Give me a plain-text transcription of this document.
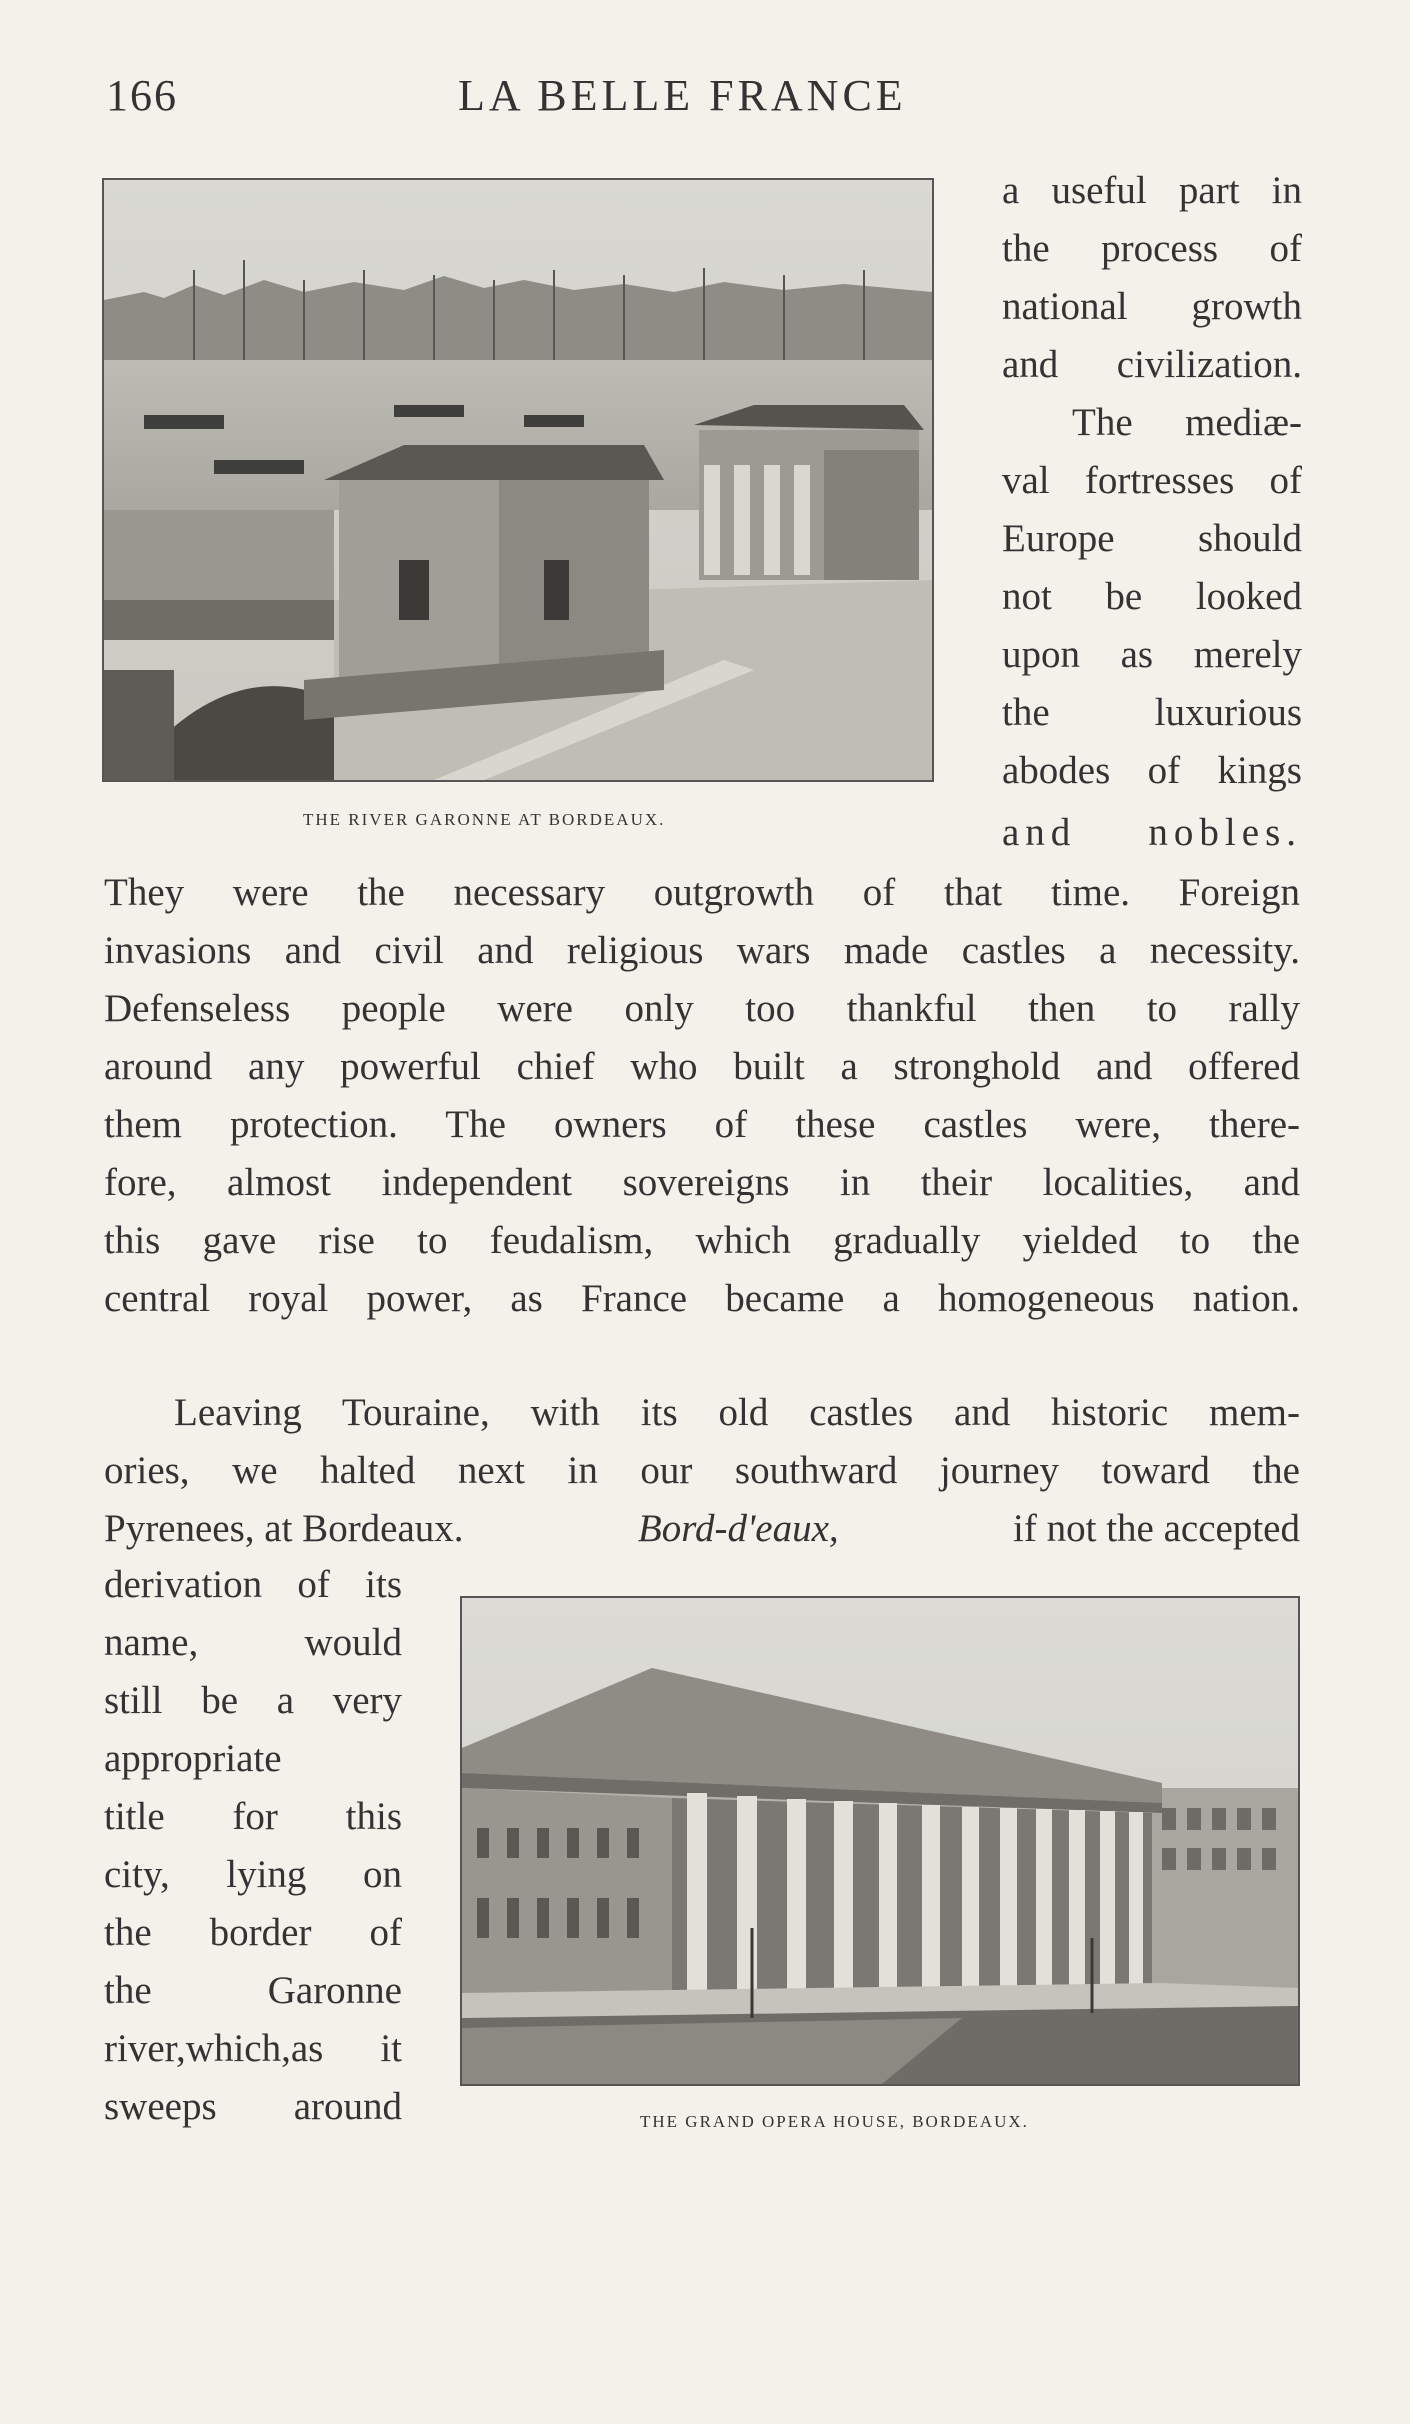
166	LA BELLE FRANCE
THE RIVER GARONNE AT BORDEAUX.
a useful part in
the process of
national growth
and civilization.
The mediæ-
val fortresses of
Europe should
not be looked
upon as merely
the luxurious
abodes of kings
and nobles.
They were the necessary outgrowth of that time. Foreign
invasions and civil and religious wars made castles a necessity.
Defenseless people were only too thankful then to rally
around any powerful chief who built a stronghold and offered
them protection. The owners of these castles were, there-
fore, almost independent sovereigns in their localities, and
this gave rise to feudalism, which gradually yielded to the
central royal power, as France became a homogeneous nation.
Leaving Touraine, with its old castles and historic mem-
ories, we halted next in our southward journey toward the
Pyrenees, at Bordeaux.	Bord-d'eaux,	if not the accepted
derivation of its
name, would
still be a very
appropriate
title for this
city, lying on
the border of
the Garonne
river,which,as it
sweeps around	THE GRAND OPERA HOUSE, BORDEAUX.
